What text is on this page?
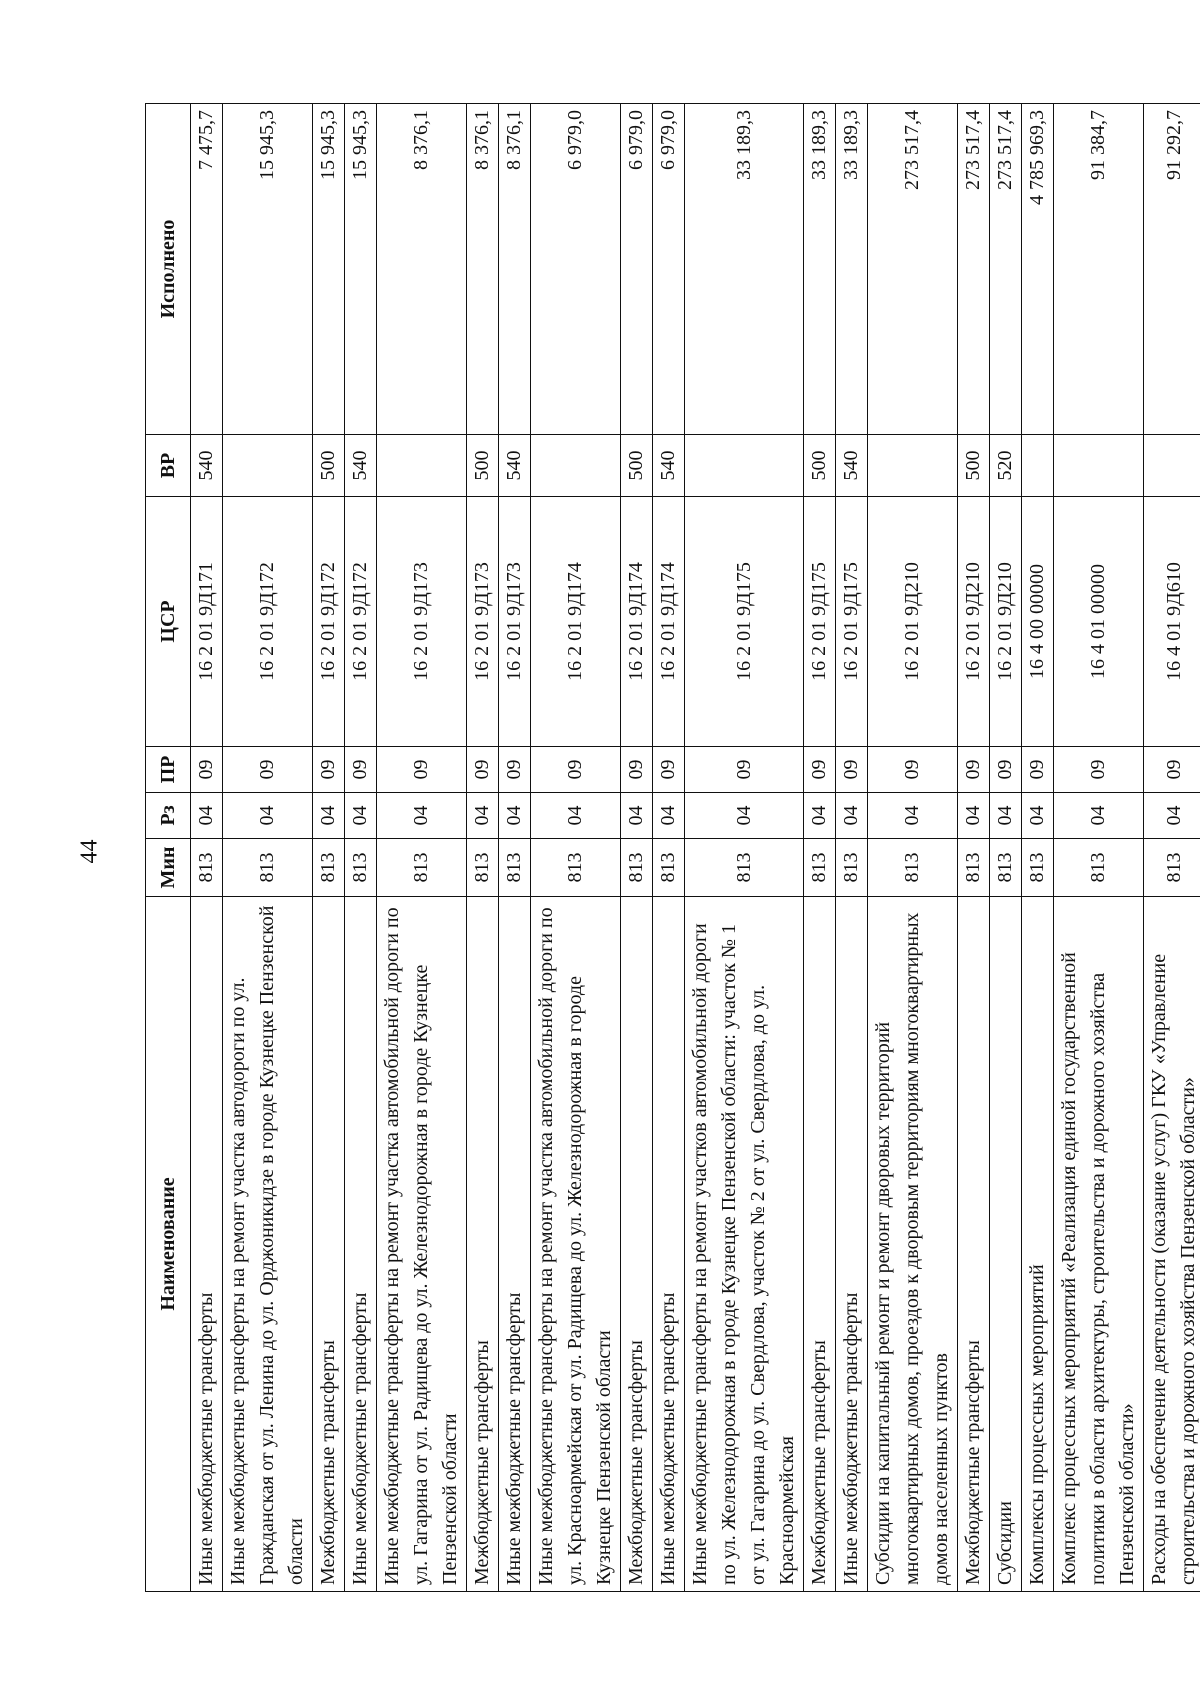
44
Наименование	Мин	Рз	ПР	ЦСР	ВР	Исполнено
Иные межбюджетные трансферты	813	04	09	16 2 01 9Д171	540	7 475,7
Иные межбюджетные трансферты на ремонт участка автодороги по ул. Гражданская от ул. Ленина до ул. Орджоникидзе в городе Кузнецке Пензенской области	813	04	09	16 2 01 9Д172		15 945,3
Межбюджетные трансферты	813	04	09	16 2 01 9Д172	500	15 945,3
Иные межбюджетные трансферты	813	04	09	16 2 01 9Д172	540	15 945,3
Иные межбюджетные трансферты на ремонт участка автомобильной дороги по ул. Гагарина от ул. Радищева до ул. Железнодорожная в городе Кузнецке Пензенской области	813	04	09	16 2 01 9Д173		8 376,1
Межбюджетные трансферты	813	04	09	16 2 01 9Д173	500	8 376,1
Иные межбюджетные трансферты	813	04	09	16 2 01 9Д173	540	8 376,1
Иные межбюджетные трансферты на ремонт участка автомобильной дороги по ул. Красноармейская от ул. Радищева до ул. Железнодорожная в городе Кузнецке Пензенской области	813	04	09	16 2 01 9Д174		6 979,0
Межбюджетные трансферты	813	04	09	16 2 01 9Д174	500	6 979,0
Иные межбюджетные трансферты	813	04	09	16 2 01 9Д174	540	6 979,0
Иные межбюджетные трансферты на ремонт участков автомобильной дороги по ул. Железнодорожная в городе Кузнецке Пензенской области: участок № 1 от ул. Гагарина до ул. Свердлова, участок № 2 от ул. Свердлова, до ул. Красноармейская	813	04	09	16 2 01 9Д175		33 189,3
Межбюджетные трансферты	813	04	09	16 2 01 9Д175	500	33 189,3
Иные межбюджетные трансферты	813	04	09	16 2 01 9Д175	540	33 189,3
Субсидии на капитальный ремонт и ремонт дворовых территорий многоквартирных домов, проездов к дворовым территориям многоквартирных домов населенных пунктов	813	04	09	16 2 01 9Д210		273 517,4
Межбюджетные трансферты	813	04	09	16 2 01 9Д210	500	273 517,4
Субсидии	813	04	09	16 2 01 9Д210	520	273 517,4
Комплексы процессных мероприятий	813	04	09	16 4 00 00000		4 785 969,3
Комплекс процессных мероприятий «Реализация единой государственной политики в области архитектуры, строительства и дорожного хозяйства Пензенской области»	813	04	09	16 4 01 00000		91 384,7
Расходы на обеспечение деятельности (оказание услуг) ГКУ «Управление строительства и дорожного хозяйства Пензенской области»	813	04	09	16 4 01 9Д610		91 292,7
